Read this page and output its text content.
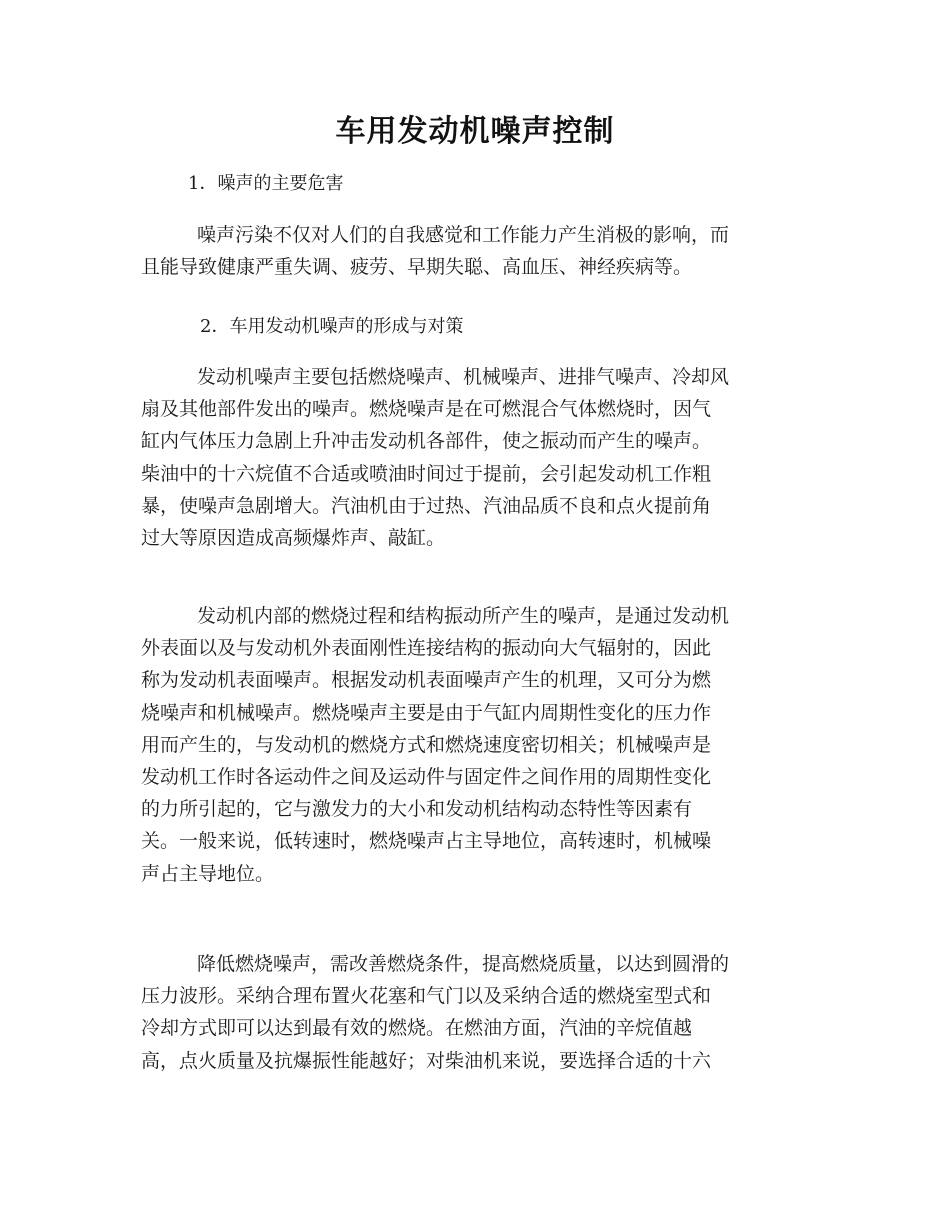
车用发动机噪声控制
1．噪声的主要危害
噪声污染不仅对人们的自我感觉和工作能力产生消极的影响，而
且能导致健康严重失调、疲劳、早期失聪、高血压、神经疾病等。
2．车用发动机噪声的形成与对策
发动机噪声主要包括燃烧噪声、机械噪声、进排气噪声、冷却风
扇及其他部件发出的噪声。燃烧噪声是在可燃混合气体燃烧时，因气
缸内气体压力急剧上升冲击发动机各部件，使之振动而产生的噪声。
柴油中的十六烷值不合适或喷油时间过于提前，会引起发动机工作粗
暴，使噪声急剧增大。汽油机由于过热、汽油品质不良和点火提前角
过大等原因造成高频爆炸声、敲缸。
发动机内部的燃烧过程和结构振动所产生的噪声，是通过发动机
外表面以及与发动机外表面刚性连接结构的振动向大气辐射的，因此
称为发动机表面噪声。根据发动机表面噪声产生的机理，又可分为燃
烧噪声和机械噪声。燃烧噪声主要是由于气缸内周期性变化的压力作
用而产生的，与发动机的燃烧方式和燃烧速度密切相关；机械噪声是
发动机工作时各运动件之间及运动件与固定件之间作用的周期性变化
的力所引起的，它与激发力的大小和发动机结构动态特性等因素有
关。一般来说，低转速时，燃烧噪声占主导地位，高转速时，机械噪
声占主导地位。
降低燃烧噪声，需改善燃烧条件，提高燃烧质量，以达到圆滑的
压力波形。采纳合理布置火花塞和气门以及采纳合适的燃烧室型式和
冷却方式即可以达到最有效的燃烧。在燃油方面，汽油的辛烷值越
高，点火质量及抗爆振性能越好；对柴油机来说，要选择合适的十六
